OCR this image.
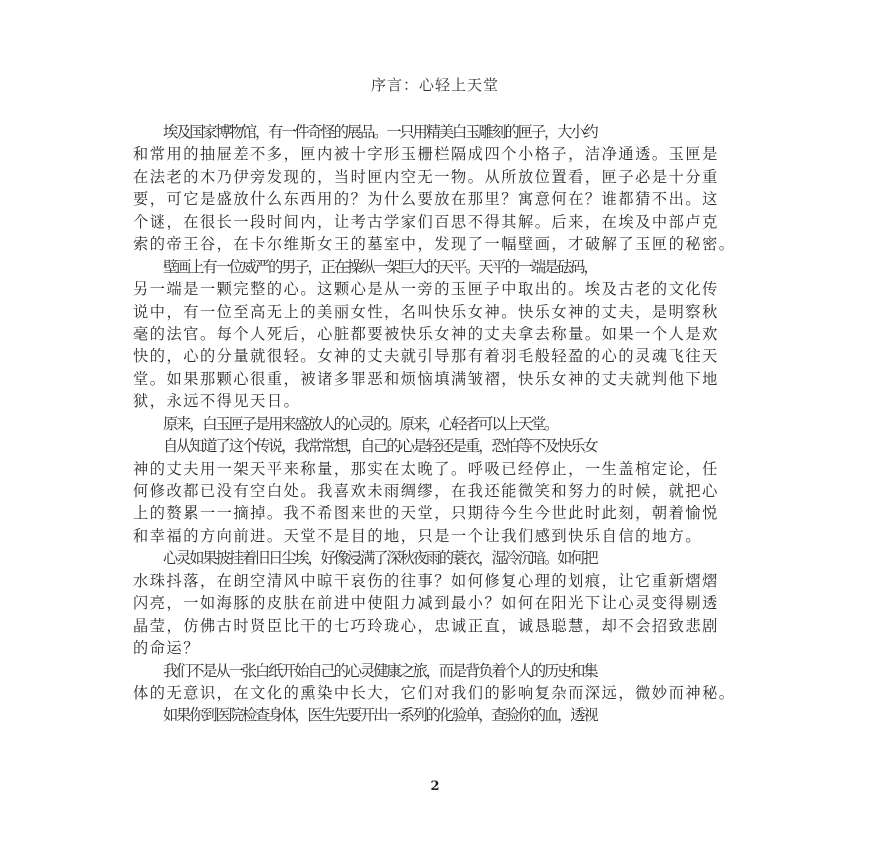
序言：心轻上天堂
埃及国家博物馆，有一件奇怪的展品。一只用精美白玉雕刻的匣子，大小约
和常用的抽屉差不多，匣内被十字形玉栅栏隔成四个小格子，洁净通透。玉匣是
在法老的木乃伊旁发现的，当时匣内空无一物。从所放位置看，匣子必是十分重
要，可它是盛放什么东西用的？为什么要放在那里？寓意何在？谁都猜不出。这
个谜，在很长一段时间内，让考古学家们百思不得其解。后来，在埃及中部卢克
索的帝王谷，在卡尔维斯女王的墓室中，发现了一幅壁画，才破解了玉匣的秘密。
壁画上有一位威严的男子，正在操纵一架巨大的天平。天平的一端是砝码，
另一端是一颗完整的心。这颗心是从一旁的玉匣子中取出的。埃及古老的文化传
说中，有一位至高无上的美丽女性，名叫快乐女神。快乐女神的丈夫，是明察秋
毫的法官。每个人死后，心脏都要被快乐女神的丈夫拿去称量。如果一个人是欢
快的，心的分量就很轻。女神的丈夫就引导那有着羽毛般轻盈的心的灵魂飞往天
堂。如果那颗心很重，被诸多罪恶和烦恼填满皱褶，快乐女神的丈夫就判他下地
狱，永远不得见天日。
原来，白玉匣子是用来盛放人的心灵的。原来，心轻者可以上天堂。
自从知道了这个传说，我常常想，自己的心是轻还是重，恐怕等不及快乐女
神的丈夫用一架天平来称量，那实在太晚了。呼吸已经停止，一生盖棺定论，任
何修改都已没有空白处。我喜欢未雨绸缪，在我还能微笑和努力的时候，就把心
上的赘累一一摘掉。我不希图来世的天堂，只期待今生今世此时此刻，朝着愉悦
和幸福的方向前进。天堂不是目的地，只是一个让我们感到快乐自信的地方。
心灵如果披挂着旧日尘埃，好像浸满了深秋夜雨的蓑衣，湿冷沉暗。如何把
水珠抖落，在朗空清风中晾干哀伤的往事？如何修复心理的划痕，让它重新熠熠
闪亮，一如海豚的皮肤在前进中使阻力减到最小？如何在阳光下让心灵变得剔透
晶莹，仿佛古时贤臣比干的七巧玲珑心，忠诚正直，诚恳聪慧，却不会招致悲剧
的命运？
我们不是从一张白纸开始自己的心灵健康之旅，而是背负着个人的历史和集
体的无意识，在文化的熏染中长大，它们对我们的影响复杂而深远，微妙而神秘。
如果你到医院检查身体，医生先要开出一系列的化验单，查验你的血，透视
2
